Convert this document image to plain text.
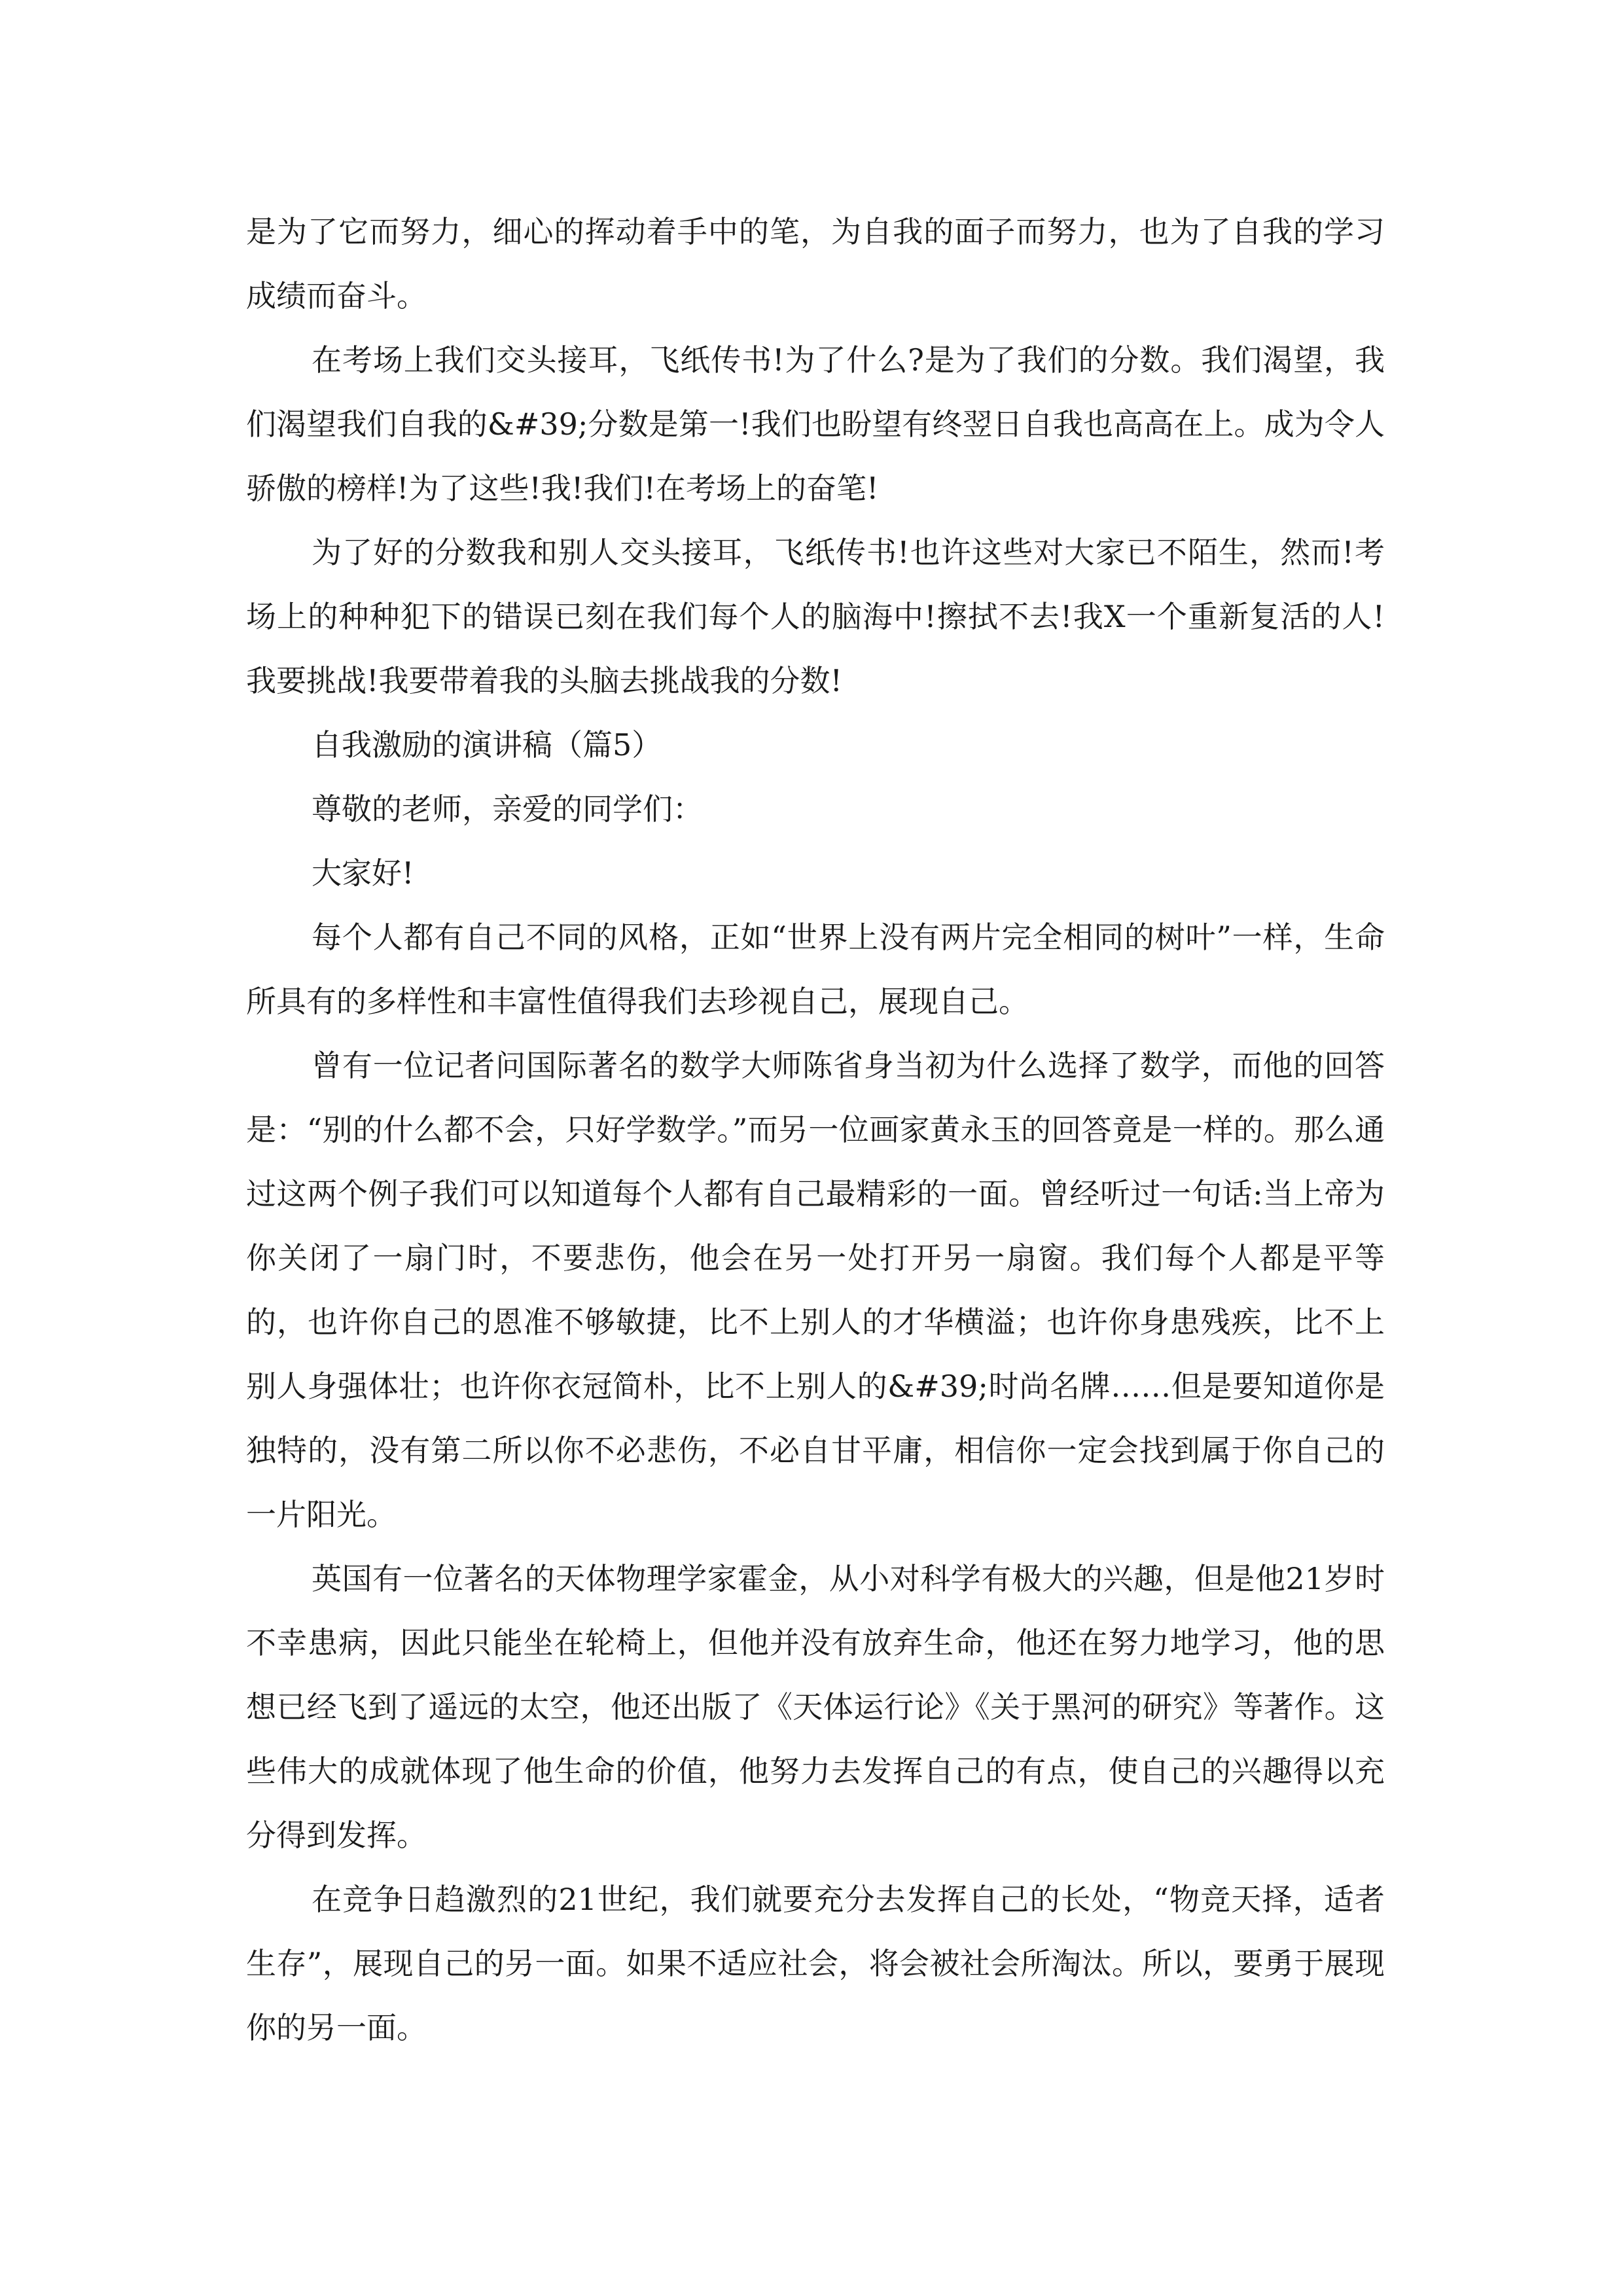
是为了它而努力，细心的挥动着手中的笔，为自我的面子而努力，也为了自我的学习成绩而奋斗。

在考场上我们交头接耳，飞纸传书!为了什么?是为了我们的分数。我们渴望，我们渴望我们自我的&#39;分数是第一!我们也盼望有终翌日自我也高高在上。成为令人骄傲的榜样!为了这些!我!我们!在考场上的奋笔!

为了好的分数我和别人交头接耳，飞纸传书!也许这些对大家已不陌生，然而!考场上的种种犯下的错误已刻在我们每个人的脑海中!擦拭不去!我X一个重新复活的人!我要挑战!我要带着我的头脑去挑战我的分数!

自我激励的演讲稿（篇5）

尊敬的老师，亲爱的同学们：

大家好!

每个人都有自己不同的风格，正如“世界上没有两片完全相同的树叶”一样，生命所具有的多样性和丰富性值得我们去珍视自己，展现自己。

曾有一位记者问国际著名的数学大师陈省身当初为什么选择了数学，而他的回答是：“别的什么都不会，只好学数学。”而另一位画家黄永玉的回答竟是一样的。那么通过这两个例子我们可以知道每个人都有自己最精彩的一面。曾经听过一句话:当上帝为你关闭了一扇门时，不要悲伤，他会在另一处打开另一扇窗。我们每个人都是平等的，也许你自己的恩准不够敏捷，比不上别人的才华横溢；也许你身患残疾，比不上别人身强体壮；也许你衣冠简朴，比不上别人的&#39;时尚名牌……但是要知道你是独特的，没有第二所以你不必悲伤，不必自甘平庸，相信你一定会找到属于你自己的一片阳光。

英国有一位著名的天体物理学家霍金，从小对科学有极大的兴趣，但是他21岁时不幸患病，因此只能坐在轮椅上，但他并没有放弃生命，他还在努力地学习，他的思想已经飞到了遥远的太空，他还出版了《天体运行论》《关于黑河的研究》等著作。这些伟大的成就体现了他生命的价值，他努力去发挥自己的有点，使自己的兴趣得以充分得到发挥。

在竞争日趋激烈的21世纪，我们就要充分去发挥自己的长处，“物竞天择，适者生存”，展现自己的另一面。如果不适应社会，将会被社会所淘汰。所以，要勇于展现你的另一面。
